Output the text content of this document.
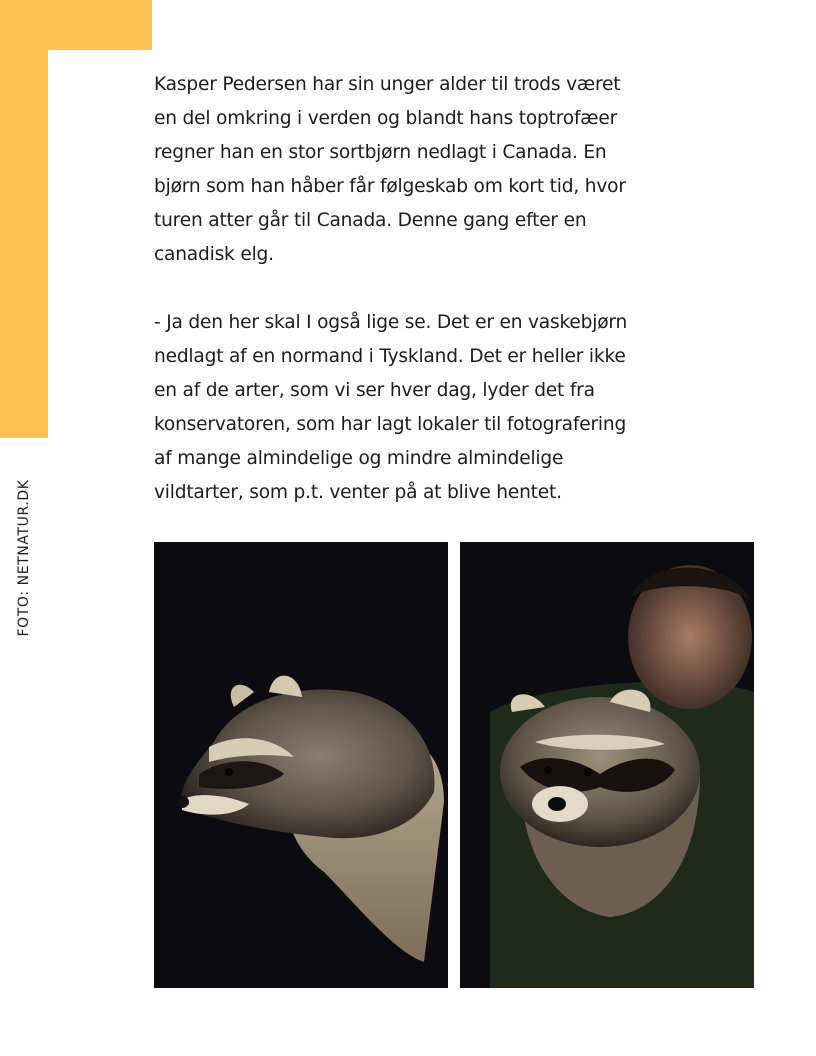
FOTO: NETNATUR.DK

Kasper Pedersen har sin unger alder til trods været
en del omkring i verden og blandt hans toptrofæer
regner han en stor sortbjørn nedlagt i Canada. En
bjørn som han håber får følgeskab om kort tid, hvor
turen atter går til Canada. Denne gang efter en
canadisk elg.

- Ja den her skal I også lige se. Det er en vaskebjørn
nedlagt af en normand i Tyskland. Det er heller ikke
en af de arter, som vi ser hver dag, lyder det fra
konservatoren, som har lagt lokaler til fotografering
af mange almindelige og mindre almindelige
vildtarter, som p.t. venter på at blive hentet.
